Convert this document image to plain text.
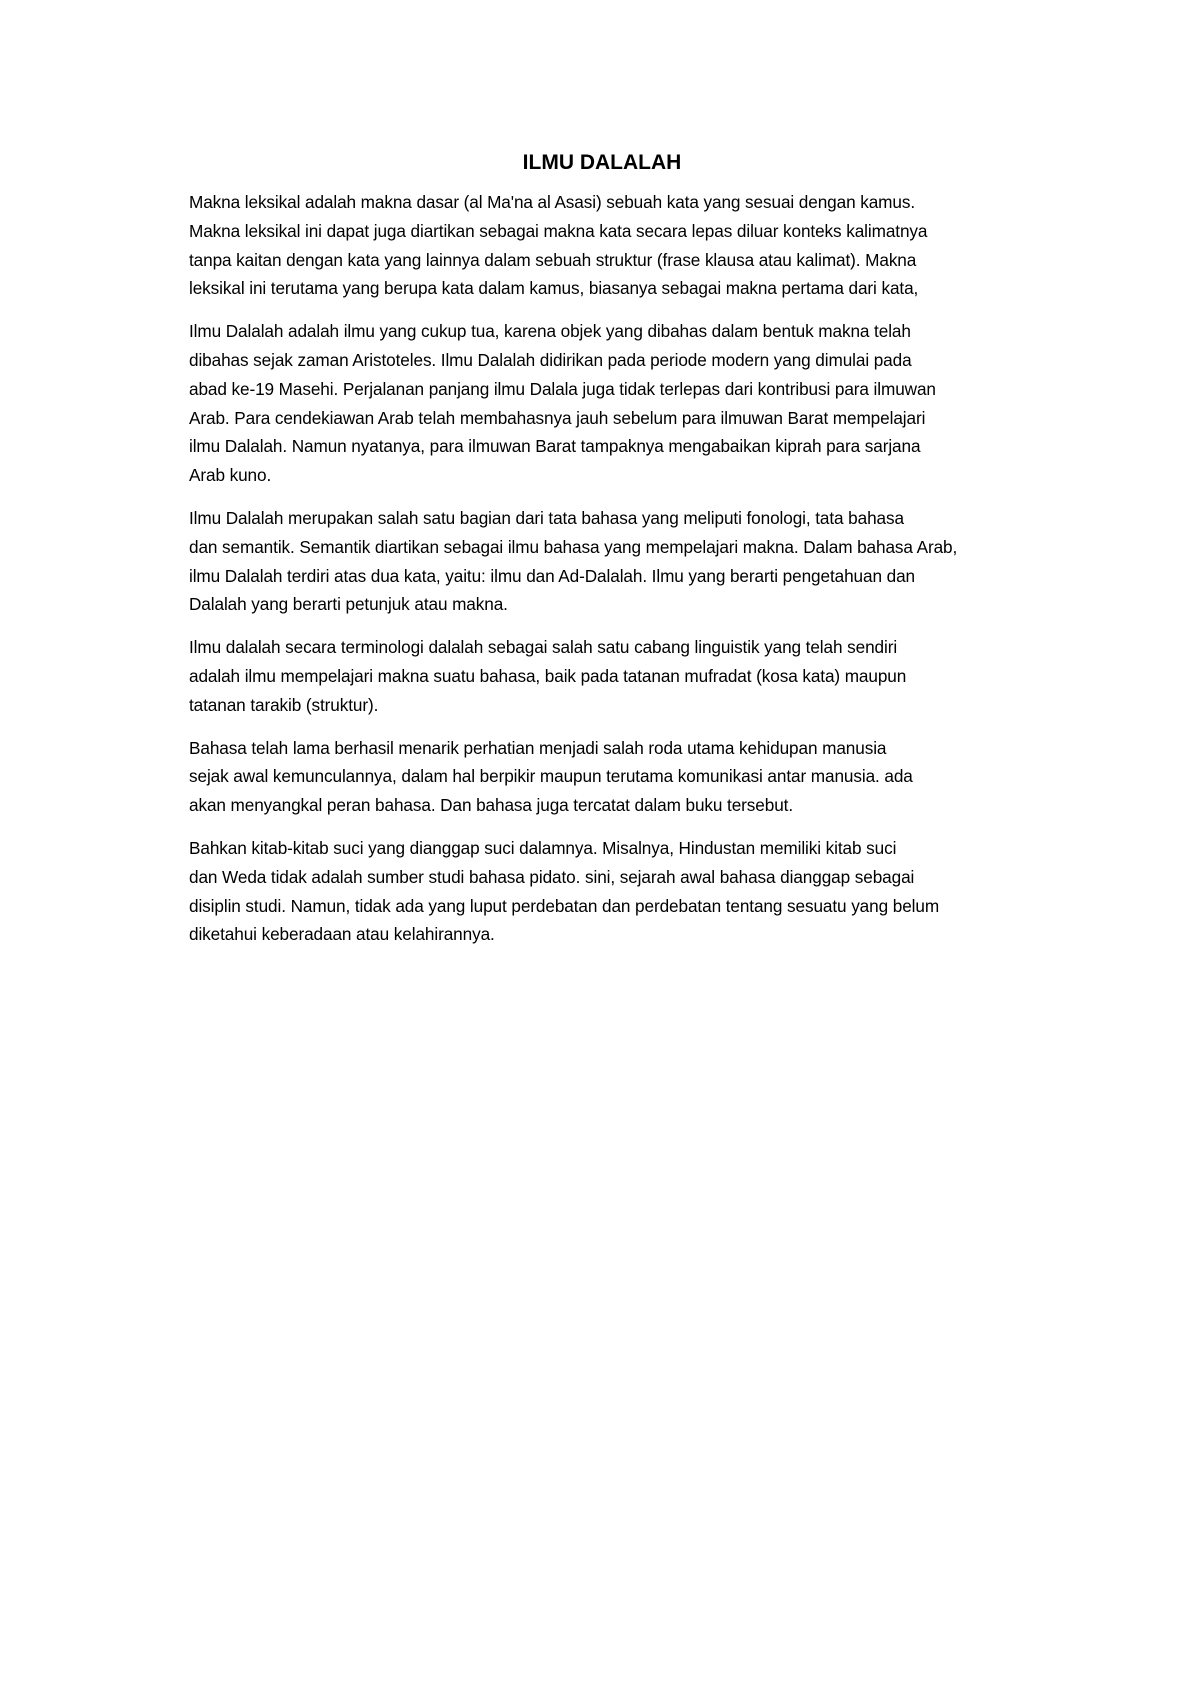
ILMU DALALAH

Makna leksikal adalah makna dasar (al Ma'na al Asasi) sebuah kata yang sesuai dengan kamus.
Makna leksikal ini dapat juga diartikan sebagai makna kata secara lepas diluar konteks kalimatnya
tanpa kaitan dengan kata yang lainnya dalam sebuah struktur (frase klausa atau kalimat). Makna
leksikal ini terutama yang berupa kata dalam kamus, biasanya sebagai makna pertama dari kata,

Ilmu Dalalah adalah ilmu yang cukup tua, karena objek yang dibahas dalam bentuk makna telah
dibahas sejak zaman Aristoteles. Ilmu Dalalah didirikan pada periode modern yang dimulai pada
abad ke-19 Masehi. Perjalanan panjang ilmu Dalala juga tidak terlepas dari kontribusi para ilmuwan
Arab. Para cendekiawan Arab telah membahasnya jauh sebelum para ilmuwan Barat mempelajari
ilmu Dalalah. Namun nyatanya, para ilmuwan Barat tampaknya mengabaikan kiprah para sarjana
Arab kuno.

Ilmu Dalalah merupakan salah satu bagian dari tata bahasa yang meliputi fonologi, tata bahasa
dan semantik. Semantik diartikan sebagai ilmu bahasa yang mempelajari makna. Dalam bahasa Arab,
ilmu Dalalah terdiri atas dua kata, yaitu: ilmu dan Ad-Dalalah. Ilmu yang berarti pengetahuan dan
Dalalah yang berarti petunjuk atau makna.

Ilmu dalalah secara terminologi dalalah sebagai salah satu cabang linguistik yang telah sendiri
adalah ilmu mempelajari makna suatu bahasa, baik pada tatanan mufradat (kosa kata) maupun
tatanan tarakib (struktur).

Bahasa telah lama berhasil menarik perhatian menjadi salah roda utama kehidupan manusia
sejak awal kemunculannya, dalam hal berpikir maupun terutama komunikasi antar manusia. ada
akan menyangkal peran bahasa. Dan bahasa juga tercatat dalam buku tersebut.

Bahkan kitab-kitab suci yang dianggap suci dalamnya. Misalnya, Hindustan memiliki kitab suci
dan Weda tidak adalah sumber studi bahasa pidato. sini, sejarah awal bahasa dianggap sebagai
disiplin studi. Namun, tidak ada yang luput perdebatan dan perdebatan tentang sesuatu yang belum
diketahui keberadaan atau kelahirannya.
